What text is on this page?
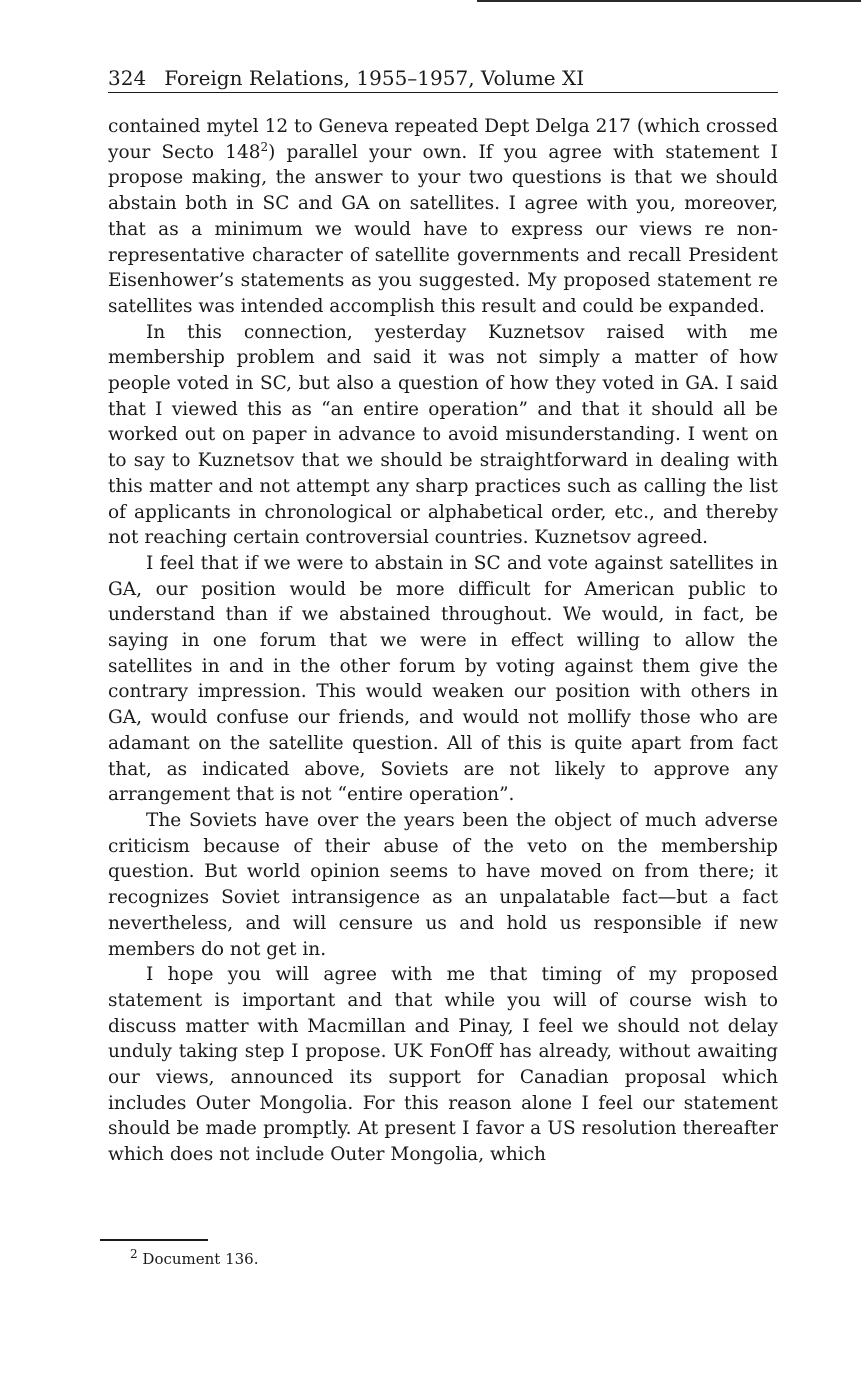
324 Foreign Relations, 1955–1957, Volume XI

contained mytel 12 to Geneva repeated Dept Delga 217 (which crossed your Secto $148^2$) parallel your own. If you agree with statement I propose making, the answer to your two questions is that we should abstain both in SC and GA on satellites. I agree with you, moreover, that as a minimum we would have to express our views re non-representative character of satellite governments and recall President Eisenhower’s statements as you suggested. My proposed statement re satellites was intended accomplish this result and could be expanded.

In this connection, yesterday Kuznetsov raised with me membership problem and said it was not simply a matter of how people voted in SC, but also a question of how they voted in GA. I said that I viewed this as “an entire operation” and that it should all be worked out on paper in advance to avoid misunderstanding. I went on to say to Kuznetsov that we should be straightforward in dealing with this matter and not attempt any sharp practices such as calling the list of applicants in chronological or alphabetical order, etc., and thereby not reaching certain controversial countries. Kuznetsov agreed.

I feel that if we were to abstain in SC and vote against satellites in GA, our position would be more difficult for American public to understand than if we abstained throughout. We would, in fact, be saying in one forum that we were in effect willing to allow the satellites in and in the other forum by voting against them give the contrary impression. This would weaken our position with others in GA, would confuse our friends, and would not mollify those who are adamant on the satellite question. All of this is quite apart from fact that, as indicated above, Soviets are not likely to approve any arrangement that is not “entire operation”.

The Soviets have over the years been the object of much adverse criticism because of their abuse of the veto on the membership question. But world opinion seems to have moved on from there; it recognizes Soviet intransigence as an unpalatable fact—but a fact nevertheless, and will censure us and hold us responsible if new members do not get in.

I hope you will agree with me that timing of my proposed statement is important and that while you will of course wish to discuss matter with Macmillan and Pinay, I feel we should not delay unduly taking step I propose. UK FonOff has already, without awaiting our views, announced its support for Canadian proposal which includes Outer Mongolia. For this reason alone I feel our statement should be made promptly. At present I favor a US resolution thereafter which does not include Outer Mongolia, which

$^2$ Document 136.
